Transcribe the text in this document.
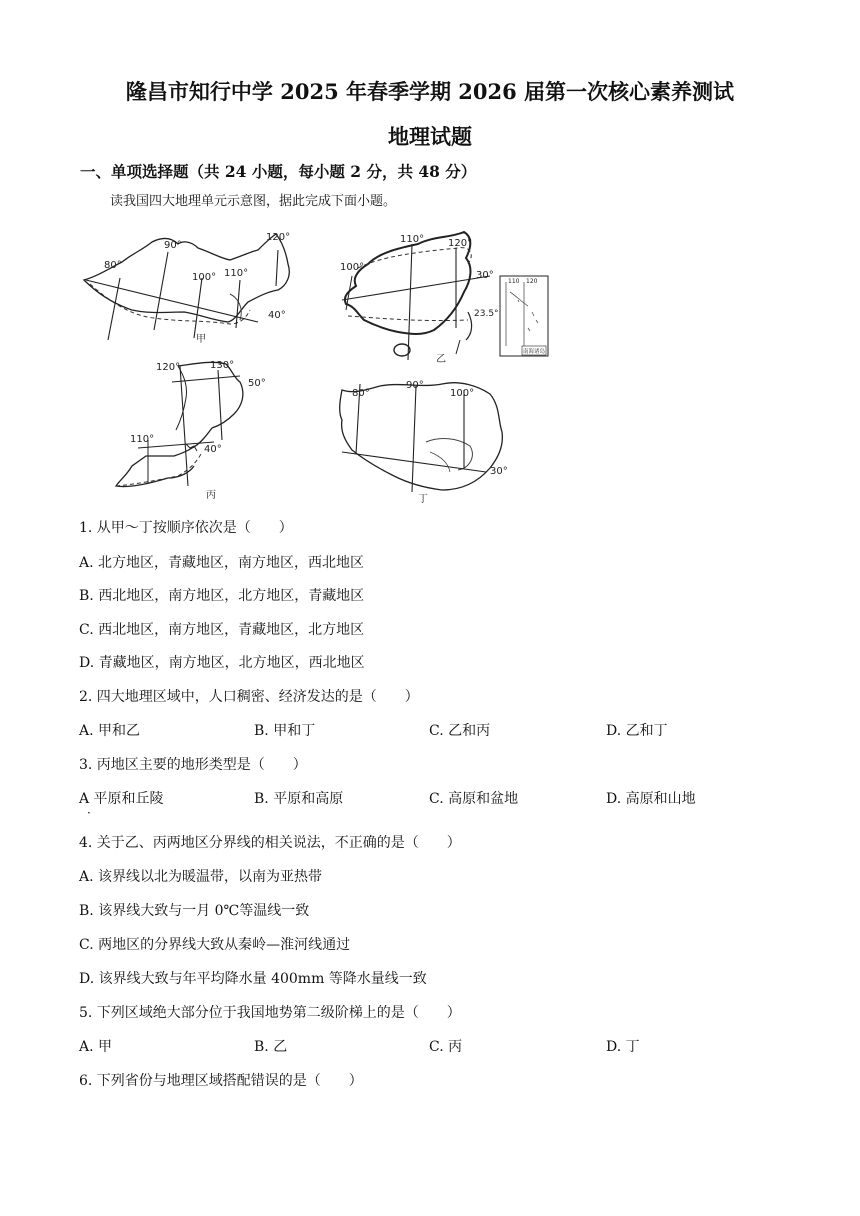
隆昌市知行中学 2025 年春季学期 2026 届第一次核心素养测试
地理试题
一、单项选择题（共 24 小题，每小题 2 分，共 48 分）
读我国四大地理单元示意图，据此完成下面小题。
80°
90°
100° 110°
120°
40°
甲
100°
110° 120°
30°
23.5°
乙
110 120
南海诸岛
120°	130°
50°
110°
40°
丙
80°
90°
100°
30°
丁
1. 从甲～丁按顺序依次是（　　）
A. 北方地区，青藏地区，南方地区，西北地区
B. 西北地区，南方地区，北方地区，青藏地区
C. 西北地区，南方地区，青藏地区，北方地区
D. 青藏地区，南方地区，北方地区，西北地区
2. 四大地理区域中，人口稠密、经济发达的是（　　）
A. 甲和乙	B. 甲和丁	C. 乙和丙	D. 乙和丁
3. 丙地区主要的地形类型是（　　）
A 平原和丘陵	B. 平原和高原	C. 高原和盆地	D. 高原和山地
·
4. 关于乙、丙两地区分界线的相关说法，不正确的是（　　）
A. 该界线以北为暖温带，以南为亚热带
B. 该界线大致与一月 0℃等温线一致
C. 两地区的分界线大致从秦岭—淮河线通过
D. 该界线大致与年平均降水量 400mm 等降水量线一致
5. 下列区域绝大部分位于我国地势第二级阶梯上的是（　　）
A. 甲	B. 乙	C. 丙	D. 丁
6. 下列省份与地理区域搭配错误的是（　　）
